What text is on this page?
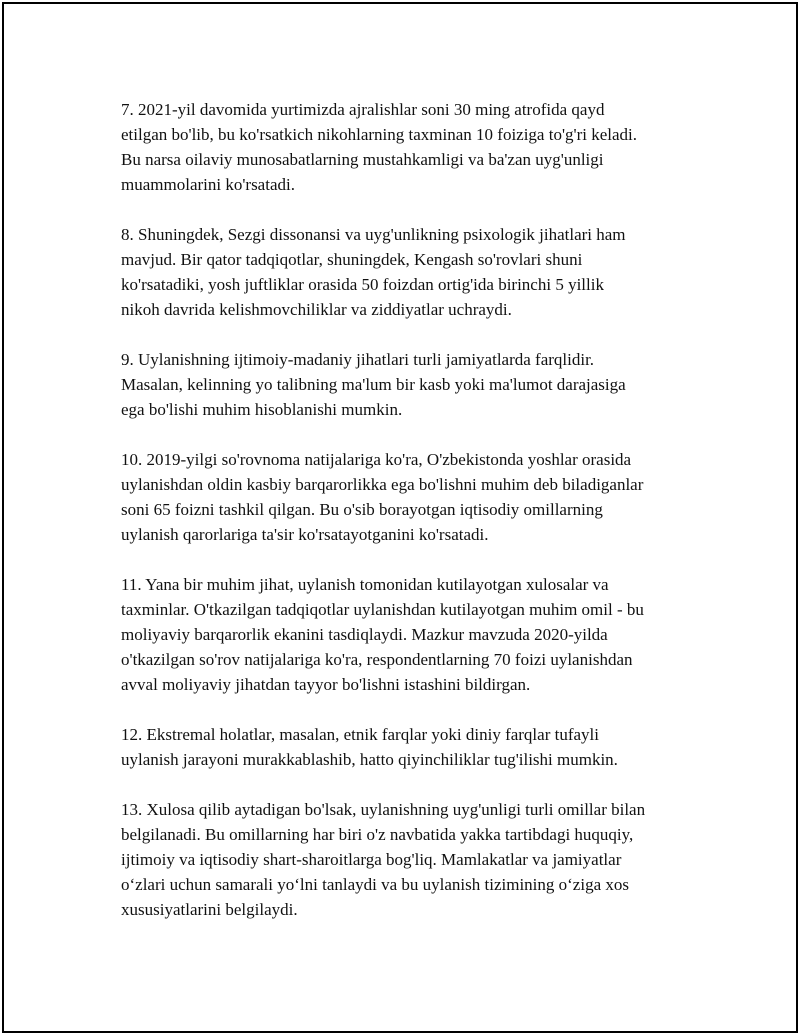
7. 2021-yil davomida yurtimizda ajralishlar soni 30 ming atrofida qayd
etilgan bo'lib, bu ko'rsatkich nikohlarning taxminan 10 foiziga to'g'ri keladi.
Bu narsa oilaviy munosabatlarning mustahkamligi va ba'zan uyg'unligi
muammolarini ko'rsatadi.

8. Shuningdek, Sezgi dissonansi va uyg'unlikning psixologik jihatlari ham
mavjud. Bir qator tadqiqotlar, shuningdek, Kengash so'rovlari shuni
ko'rsatadiki, yosh juftliklar orasida 50 foizdan ortig'ida birinchi 5 yillik
nikoh davrida kelishmovchiliklar va ziddiyatlar uchraydi.

9. Uylanishning ijtimoiy-madaniy jihatlari turli jamiyatlarda farqlidir.
Masalan, kelinning yo talibning ma'lum bir kasb yoki ma'lumot darajasiga
ega bo'lishi muhim hisoblanishi mumkin.

10. 2019-yilgi so'rovnoma natijalariga ko'ra, O'zbekistonda yoshlar orasida
uylanishdan oldin kasbiy barqarorlikka ega bo'lishni muhim deb biladiganlar
soni 65 foizni tashkil qilgan. Bu o'sib borayotgan iqtisodiy omillarning
uylanish qarorlariga ta'sir ko'rsatayotganini ko'rsatadi.

11. Yana bir muhim jihat, uylanish tomonidan kutilayotgan xulosalar va
taxminlar. O'tkazilgan tadqiqotlar uylanishdan kutilayotgan muhim omil - bu
moliyaviy barqarorlik ekanini tasdiqlaydi. Mazkur mavzuda 2020-yilda
o'tkazilgan so'rov natijalariga ko'ra, respondentlarning 70 foizi uylanishdan
avval moliyaviy jihatdan tayyor bo'lishni istashini bildirgan.

12. Ekstremal holatlar, masalan, etnik farqlar yoki diniy farqlar tufayli
uylanish jarayoni murakkablashib, hatto qiyinchiliklar tug'ilishi mumkin.

13. Xulosa qilib aytadigan bo'lsak, uylanishning uyg'unligi turli omillar bilan
belgilanadi. Bu omillarning har biri o'z navbatida yakka tartibdagi huquqiy,
ijtimoiy va iqtisodiy shart-sharoitlarga bog'liq. Mamlakatlar va jamiyatlar
o‘zlari uchun samarali yo‘lni tanlaydi va bu uylanish tizimining o‘ziga xos
xususiyatlarini belgilaydi.
